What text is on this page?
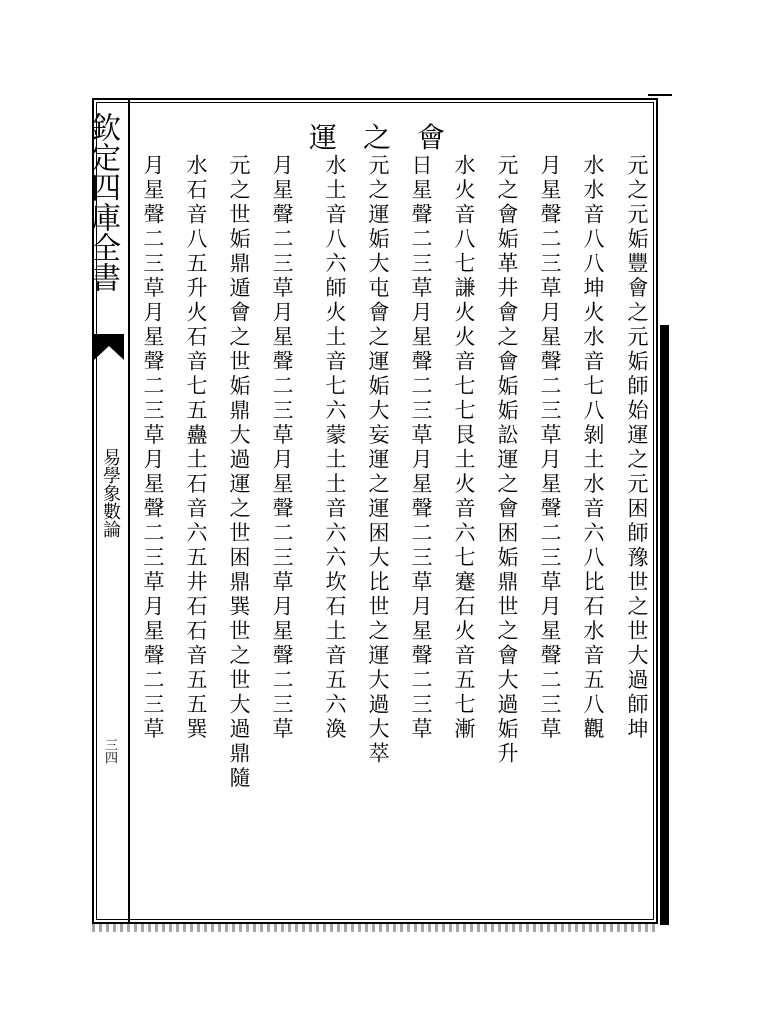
欽定四庫全書
易學象數論
三四
運之會
元之元姤豐會之元姤師始運之元困師豫世之世大過師坤
水水音八八坤火水音七八剝土水音六八比石水音五八觀
月星聲二三草月星聲二三草月星聲二三草月星聲二三草
元之會姤革井會之會姤姤訟運之會困姤鼎世之會大過姤升
水火音八七謙火火音七七艮土火音六七蹇石火音五七漸
日星聲二三草月星聲二三草月星聲二三草月星聲二三草
元之運姤大屯會之運姤大妄運之運困大比世之運大過大萃
水土音八六師火土音七六蒙土土音六六坎石土音五六渙
月星聲二三草月星聲二三草月星聲二三草月星聲二三草
元之世姤鼎遁會之世姤鼎大過運之世困鼎巽世之世大過鼎隨
水石音八五升火石音七五蠱土石音六五井石石音五五巽
月星聲二三草月星聲二三草月星聲二三草月星聲二三草
